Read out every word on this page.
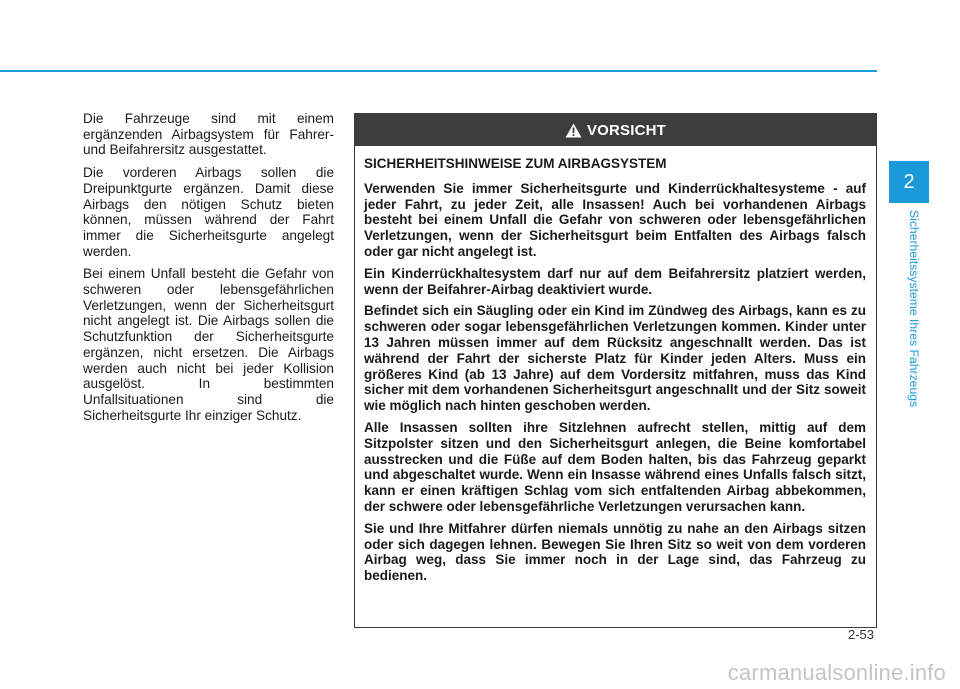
Die Fahrzeuge sind mit einem ergänzenden Airbagsystem für Fahrer- und Beifahrersitz ausgestattet.

Die vorderen Airbags sollen die Dreipunktgurte ergänzen. Damit diese Airbags den nötigen Schutz bieten können, müssen während der Fahrt immer die Sicherheitsgurte angelegt werden.

Bei einem Unfall besteht die Gefahr von schweren oder lebensgefährlichen Verletzungen, wenn der Sicherheitsgurt nicht angelegt ist. Die Airbags sollen die Schutzfunktion der Sicherheitsgurte ergänzen, nicht ersetzen. Die Airbags werden auch nicht bei jeder Kollision ausgelöst. In bestimmten Unfallsituationen sind die Sicherheitsgurte Ihr einziger Schutz.

VORSICHT
SICHERHEITSHINWEISE ZUM AIRBAGSYSTEM

Verwenden Sie immer Sicherheitsgurte und Kinderrückhaltesysteme - auf jeder Fahrt, zu jeder Zeit, alle Insassen! Auch bei vorhandenen Airbags besteht bei einem Unfall die Gefahr von schweren oder lebensgefährlichen Verletzungen, wenn der Sicherheitsgurt beim Entfalten des Airbags falsch oder gar nicht angelegt ist.

Ein Kinderrückhaltesystem darf nur auf dem Beifahrersitz platziert werden, wenn der Beifahrer-Airbag deaktiviert wurde.

Befindet sich ein Säugling oder ein Kind im Zündweg des Airbags, kann es zu schweren oder sogar lebensgefährlichen Verletzungen kommen. Kinder unter 13 Jahren müssen immer auf dem Rücksitz angeschnallt werden. Das ist während der Fahrt der sicherste Platz für Kinder jeden Alters. Muss ein größeres Kind (ab 13 Jahre) auf dem Vordersitz mitfahren, muss das Kind sicher mit dem vorhandenen Sicherheitsgurt angeschnallt und der Sitz soweit wie möglich nach hinten geschoben werden.

Alle Insassen sollten ihre Sitzlehnen aufrecht stellen, mittig auf dem Sitzpolster sitzen und den Sicherheitsgurt anlegen, die Beine komfortabel ausstrecken und die Füße auf dem Boden halten, bis das Fahrzeug geparkt und abgeschaltet wurde. Wenn ein Insasse während eines Unfalls falsch sitzt, kann er einen kräftigen Schlag vom sich entfaltenden Airbag abbekommen, der schwere oder lebensgefährliche Verletzungen verursachen kann.

Sie und Ihre Mitfahrer dürfen niemals unnötig zu nahe an den Airbags sitzen oder sich dagegen lehnen. Bewegen Sie Ihren Sitz so weit von dem vorderen Airbag weg, dass Sie immer noch in der Lage sind, das Fahrzeug zu bedienen.

2
Sicherheitssysteme Ihres Fahrzeugs
2-53
carmanualsonline.info
